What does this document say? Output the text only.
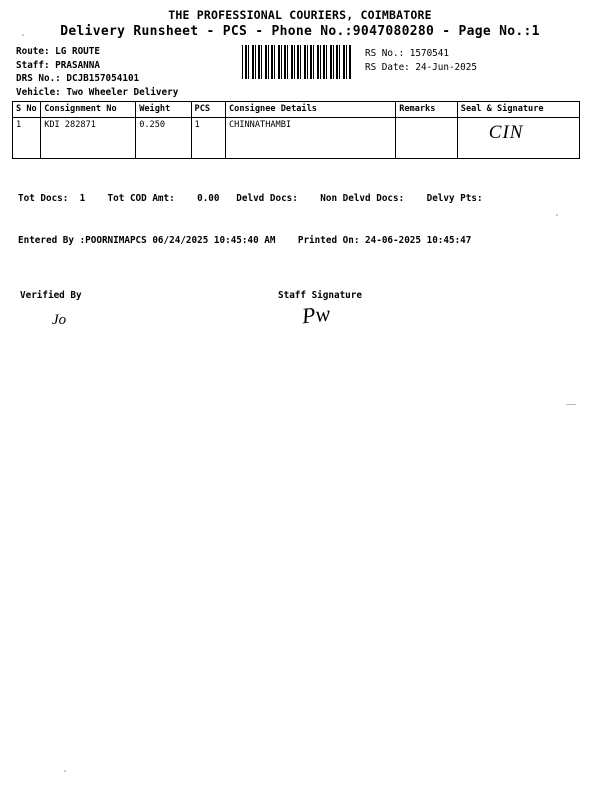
THE PROFESSIONAL COURIERS, COIMBATORE
Delivery Runsheet - PCS - Phone No.:9047080280 - Page No.:1
Route: LG ROUTE
Staff: PRASANNA
DRS No.: DCJB157054101
Vehicle: Two Wheeler Delivery
RS No.: 1570541
RS Date: 24-Jun-2025
S No	Consignment No	Weight	PCS	Consignee Details	Remarks	Seal & Signature
1	KDI 282871	0.250	1	CHINNATHAMBI		CIN

Tot Docs:  1    Tot COD Amt:    0.00   Delvd Docs:    Non Delvd Docs:    Delvy Pts:

Entered By :POORNIMAPCS 06/24/2025 10:45:40 AM    Printed On: 24-06-2025 10:45:47

Verified By	Staff Signature
Jo	Pw
